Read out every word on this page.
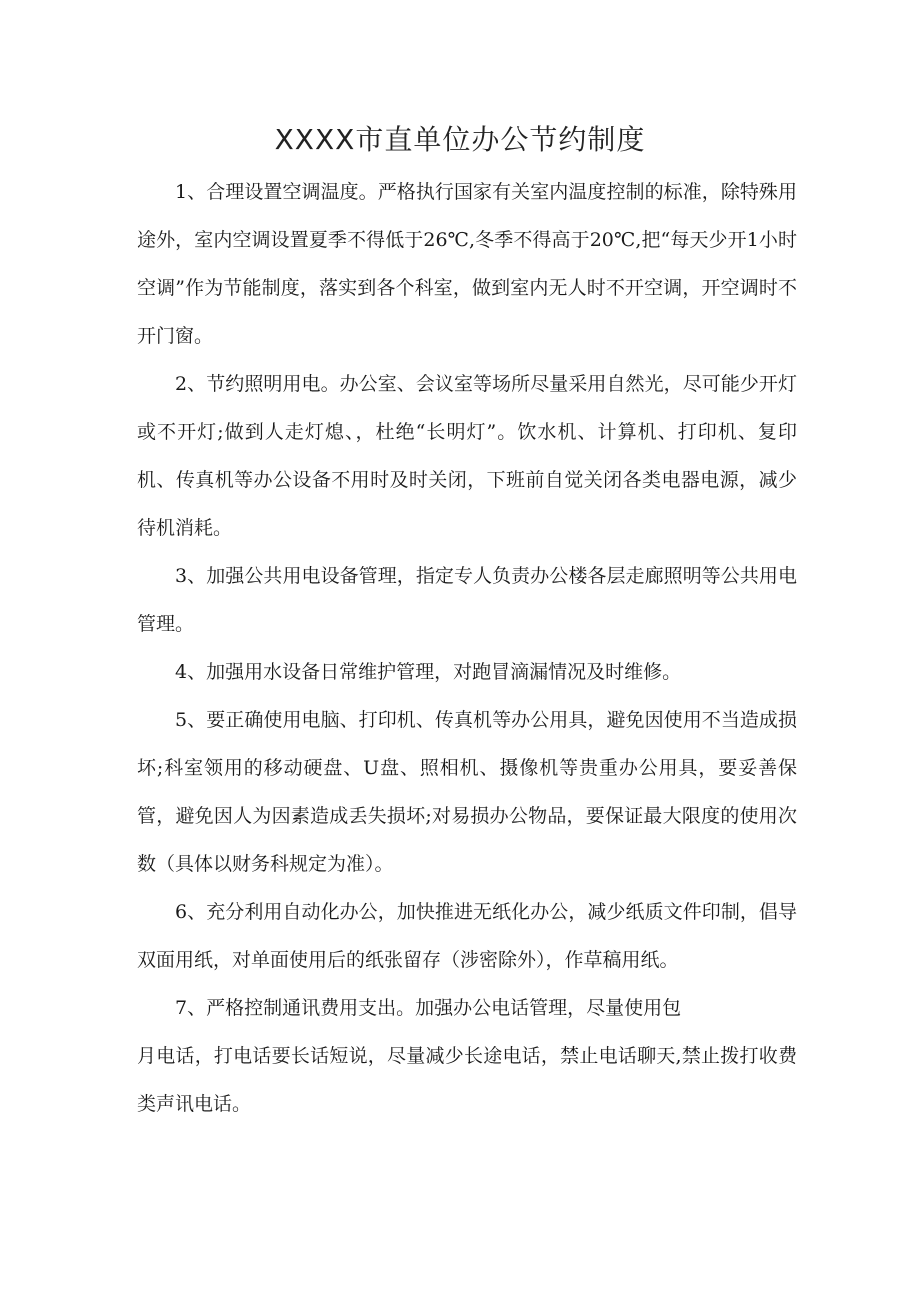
XXXX市直单位办公节约制度

1、合理设置空调温度。严格执行国家有关室内温度控制的标准，除特殊用途外，室内空调设置夏季不得低于26℃,冬季不得高于20℃,把“每天少开1小时空调”作为节能制度，落实到各个科室，做到室内无人时不开空调，开空调时不开门窗。

2、节约照明用电。办公室、会议室等场所尽量采用自然光，尽可能少开灯或不开灯;做到人走灯熄、，杜绝“长明灯”。饮水机、计算机、打印机、复印机、传真机等办公设备不用时及时关闭，下班前自觉关闭各类电器电源，减少待机消耗。

3、加强公共用电设备管理，指定专人负责办公楼各层走廊照明等公共用电管理。

4、加强用水设备日常维护管理，对跑冒滴漏情况及时维修。

5、要正确使用电脑、打印机、传真机等办公用具，避免因使用不当造成损坏;科室领用的移动硬盘、U盘、照相机、摄像机等贵重办公用具，要妥善保管，避免因人为因素造成丢失损坏;对易损办公物品，要保证最大限度的使用次数（具体以财务科规定为准）。

6、充分利用自动化办公，加快推进无纸化办公，减少纸质文件印制，倡导双面用纸，对单面使用后的纸张留存（涉密除外），作草稿用纸。

7、严格控制通讯费用支出。加强办公电话管理，尽量使用包
月电话，打电话要长话短说，尽量减少长途电话，禁止电话聊天,禁止拨打收费类声讯电话。
